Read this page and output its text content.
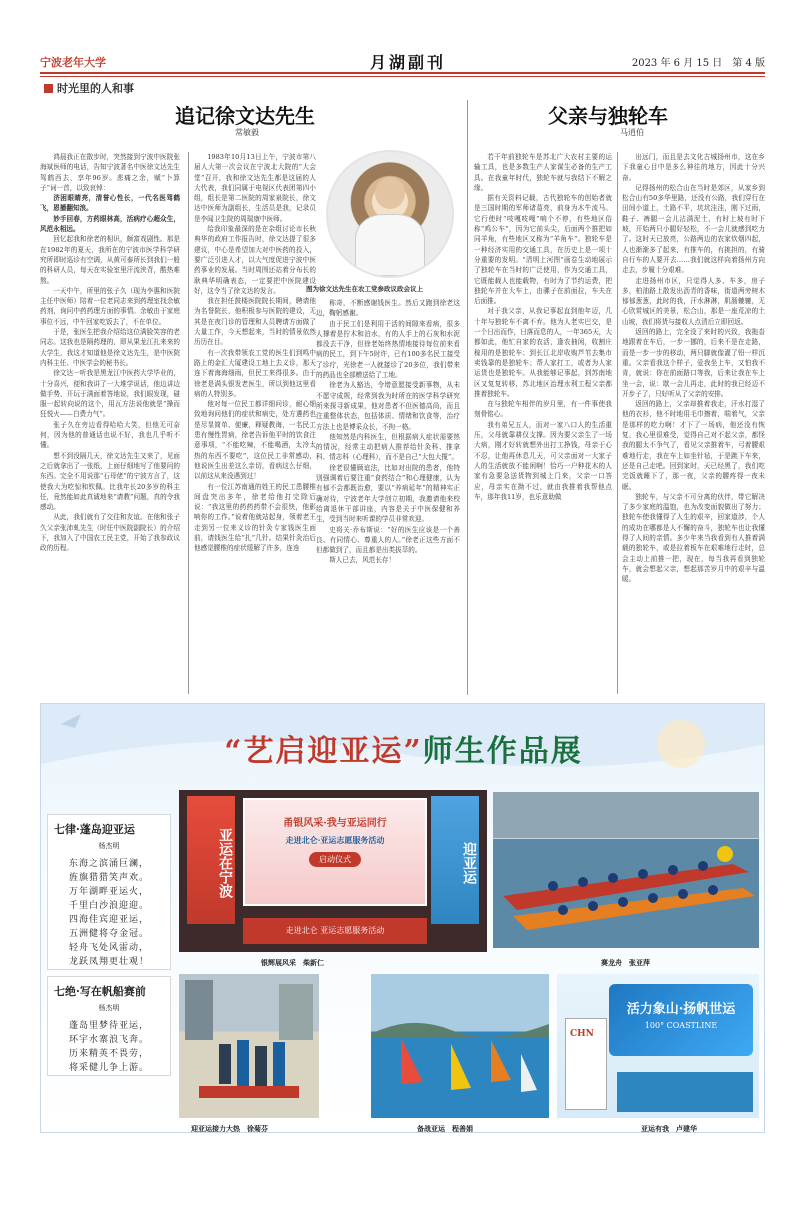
宁波老年大学	月湖副刊	2023 年 6 月 15 日　第 4 版
时光里的人和事
追记徐文达先生
常敏毅

鸿晨我正在散步时，突然接到宁波中医院张海斌医师的电话，告知宁波著名中医徐文达先生驾鹤西去，享年96岁。悲痛之余，赋“卜算子”词一首，以致哀悼：

济困眼睛亮，清誉心性长，一代名医驾鹤飞，恩播翻知浪。

妙手回春，方药眼林高，活病疗心超众生，风范永相远。

回忆起我和徐老的相识，颇富戏剧性。那是在1982年的夏天，我所在的宁波市医学科学研究所即时巡诊有空调，从黄可泰所长到我们一般的科研人员，每天在实验室里汗流浃背，酷热难熬。

一天中午，所里的张子久（现为李惠和医院主任中医师）陪着一位老同志来到药理室找余敏药剂，询问中药药理方面的事情。余敏由于家庭事位不远，中午回家吃饭去了，不在单位。

于是，张医生把我介绍给这位满脸笑容的老同志。这我也是隔药理的，即从果龙江扎来来的大学生，我这才知道他是徐文达先生，是中医院内科主任、中医学会的秘书长。

徐文达一听我是黑龙江中医药大学毕业的，十分喜兴，便和我讲了一大堆学说话，他边讲边做手势，开玩于满面着答地说，我们眼发现，碰服一起转向说的这个，用瓦方法说他就是“操而狂悦火——白费力气”。

张子久在旁边看得哈哈大笑，但他无可奈何，因为他的普通话也说不好，我也几乎听不懂。

想不到没隔几天，徐文达先生又来了，见面之后就拿出了一张纸，上面仔细地写了他要问的东西。完全不用说那“石母佬”的宁波方言了，这使我大为吃惊和钦佩。比我年长20多岁的科主任，竟然能如此真诚地来“请教”问题，真的令我感动。

从此，我们就有了交往和友谊。在他和张子久父亲张沛虬先生（时任中医院副院长）的介绍下，我加入了中国农工民主党，开始了我参政议政的历程。

1983年10月13日上午，宁波市第八届人大第一次会议在宁波北大院的“大会堂”召开，我和徐文达先生都是这届的人大代表，我们同属于电视区代表团第四小组，组长是第二医院的周家泉院长，徐文达中医师为副组长，生活员是我，记录员是李闻卫生院的周瑞康中医师。

给我印象最深的是在杂组讨论市长秋典华的政府工作报告时，徐文达提了很多建议，中心是希望加大对中医药的投入，要广泛引进人才，以大气度促进宁波中医药事业的发展。当时周围还站着分布长的耿典华明确表态，一定要把中医院建设好，这令当了徐文达的发言。

我在担任鼓楼医院院长期间，聘请他为名誉院长，他积极参与医院的建设，无其是在夜门诊的管理和人员聘请方面做了大量工作，今天想起来，当时的情景依然历历在目。

有一次我带领农工党的医生们到鸣中路上的金汇大厦建设工地上去义诊，那天连下着海海细雨，但民工来得很多。由于徐老是满头银发老医生，所以到他这里看病的人特别多。

他对每一位民工都详细问诊，耐心细致地询问他们的症状和病史，处方遴药也是尽显简单、便廉，释疑教诲，一名民工患有慢性胃病，徐老告诉他平时的饮食注意事项，“不能吃辣，不能喝酒，太冷太热的东西不要吃”，这位民工非常感动，他说医生出差这么亲切，看病这么仔细，以前这从来没遇到过！

有一位江苏南通的姓王的民工患腰椎间盘突出多年，徐老给他打完除后说：“我这里的药药药带不会很快，他影响你的工作。”说着他就站起身，领着老王走到另一位来义诊的针灸专家钱医生面前，请钱医生给“扎”几针。结果针灸治后他感觉腰椎的症状缓解了许多，连连

图为徐文达先生在农工党参政议政会议上

称奇，不断感谢钱医生。然后又跑到徐老这边，鞠躬感谢。

由于民工们是利用干活的间隙来看病，很多人撑着是拧木和泊水，有的人手上的石灰和水泥都没去干净，但徐老始终热情地接待每位前来看病的民工，到下午5时许，已有100多名民工接受了诊疗，光徐老一人就接诊了20多位，我们带来的药品也全部赠送给了工地。

徐老为人豁达，令增意愿接受新事物，从未不愿守成规，经常到我为时所在的医学科学研究所来探寻新成果，他对患者不但医德高尚，而且注重整体状态，包括体质、情绪和饮食等，治疗方法上也是博采众长，不拘一格。

他知然是内科医生，但根据病人症状需要热的情况，经常主动把病人推荐给针灸科、推拿科、情志科（心理科），而不是自己“大包大揽”。

徐老很懂顾谊法，比如对出院的患者，他特别强调着后要注重“食药结合”和心理健康，认为有郁不会都既治愈，要以“养病延年”的精神实正确对待，宁波老年大学创立初期，我邀请他来校给离退休干部讲座，内容是关于中医保健和养生，受到当时来听课的学员非常欢迎。

史将关·乔布斯说：“好的医生应该是一个善良、有同情心、尊重人的人。”徐老正这些方面不但都做到了，而且都是出类拔萃的。

斯人已去，风范长存！

父亲与独轮车
马逍伯

若干年前独轮车是苏北广大农村主要的运输工具，也是多数生产人家谋生必备的生产工具。在我童年时代，独轮车就与我结下不解之缘。

据有关资料记载，古代独轮车的创始者就是三国时期的军师诸葛亮，前身为木牛流马。它行使时“吱嘎吱嘎”响个不停，有些地区俗称“鸡公车”，因为它前头尖，后面两个推把如同羊角，有些地区又称为“羊角车”。独轮车是一种经济实用的交通工具，在历史上是一项十分重要的发明。“清明上河图”画卷生动地展示了独轮车在当时的广泛使用，作为交通工具，它既能载人也能载物，有时为了节约运费，把独轮车并在大车上，由骡子在前面拉，车夫在后面推。

对于我父亲，从我记事起直到他年迈，几十年与独轮车不离不弃。他为人老实巴交，是一个日出而作，日落而息的人，一年365天，大都如此，他忙自家的农活，逢农抽闲，收割庄稼用的是独轮车；到长江北岸收购芦苇去集市卖钱靠的是独轮车；帮人家打工，或者为人家运货也是独轮车。从我能够记事起，到苏南地区又复复转移，苏北地区治理水利工程父亲都推着独轮车。

在与独轮车相伴的岁月里，有一件事使我刻骨铭心。

我有弟兄五人，而对一家八口人的生活重压，父母就靠耕仅支撑。因为要父亲生了一场大病，刚才好转就想外出打工挣钱，母亲于心不忍，让他再休息几天，可父亲面对一大家子人的生活就放不能闲啊！恰巧一户种花木的人家有急要急送货物到城上门来，父亲一口答应，母亲实在拗不过，就由我推着我帮他点车，那年我11岁，也乐意助做

出远门，而且是去文化古城扬州市，这在乡下我童心目中是多么神往的地方，因此十分兴奋。

记得扬州的松合山在当时是郊区，从家乡到松合山有50多华里路，还没有公路，我们穿行在田间小道上，土路不平，坑坑洼洼，刚下过雨，鞋子、裤腿一会儿沾满泥土，有时上坡有时下坡，开始两只小腿好轻松，不一会儿就感到吃力了。这时天已放亮，公路两边的农家炊烟四起，人也渐渐多了起来，有推车的，有挑担的，有骑自行车的人要开去……我们就这样向着扬州方向走去，步履十分艰难。

走进扬州市区，只觉得人多、车多，房子多，柏油路上散发出沥青的香味，街道两旁树木郁郁葱葱，此时的我，汗水淋淋，肌肠辘辘，无心欣赏城区的美景，松合山，那是一座荒凉的土山坡，我们将货与接收人点清后立即回返。

返回的路上，完全没了来时的兴致，我拖沓地跟着在车后，一步一挪的，后来不是在走路，而是一步一步的移动，两只脚就像灌了铅一样沉重。父亲看我这个样子，爱我坐上车，又怕我不肯，就说：你在前面路口等我，后来让我在车上坐一会，说：歇一会儿再走，此时的我已经迈不开步子了，只好听从了父亲的安排。

返回的路上，父亲却推着我走，汗水打湿了他的衣衫，他不时地用毛巾擦着，喘着气，父亲是那样的吃力啊！才下了一场病，他还没有恢复，我心里很难受，觉得自己对不起父亲，都怪我的腿太不争气了，看见父亲推着车，弓着腰艰难地行走，我在车上如坐针毡，于是跳下车来，还是自己走吧。回到家时，天已经黑了，我们吃完饭就睡下了，那一夜，父亲的腰疼得一夜未眠。

独轮车，与父亲不可分离的伙伴，带它解决了多少家庭的温饱，也为改变面貌做出了努力；独轮车使我懂得了人生的艰辛，回家道涉，个人的成功在哪都是人不懈的奋斗，独轮车也让我懂得了人间的亲情。多少年来当我看到有人推着满载的独轮车，或是拉着板车在艰难地行走时，总会主动上前推一把，现在，每当我再看到独轮车，就会想起父亲，想起那苦岁月中的艰辛与温暖。

“艺启迎亚运”师生作品展
七律·蓬岛迎亚运
杨杰明
东海之滨涌巨澜，
旌旗猎猎笑声欢。
万年湖畔亚运火，
千里白沙浪迎迎。
四海佳宾迎亚运，
五洲健将夺金冠。
轻舟飞处风雷动，
龙跃凤翔更壮观！
七绝·写在帆船赛前
杨杰明
蓬岛里梦待亚运，
环宇水寨浪飞奔。
历来精英不畏劳，
将采健儿争上游。
亚运在宁波
甬银风采·我与亚运同行
走进北仑·亚运志愿服务活动
启动仪式	迎亚运
走进北仑 亚运志愿服务活动
银辉展风采　柴新仁	赛龙舟　张亚萍
迎亚运接力大热　徐菊芬	备战亚运　程善娟
活力象山·扬帆世运
100° COASTLINE
CHN
亚运有我　卢建华
